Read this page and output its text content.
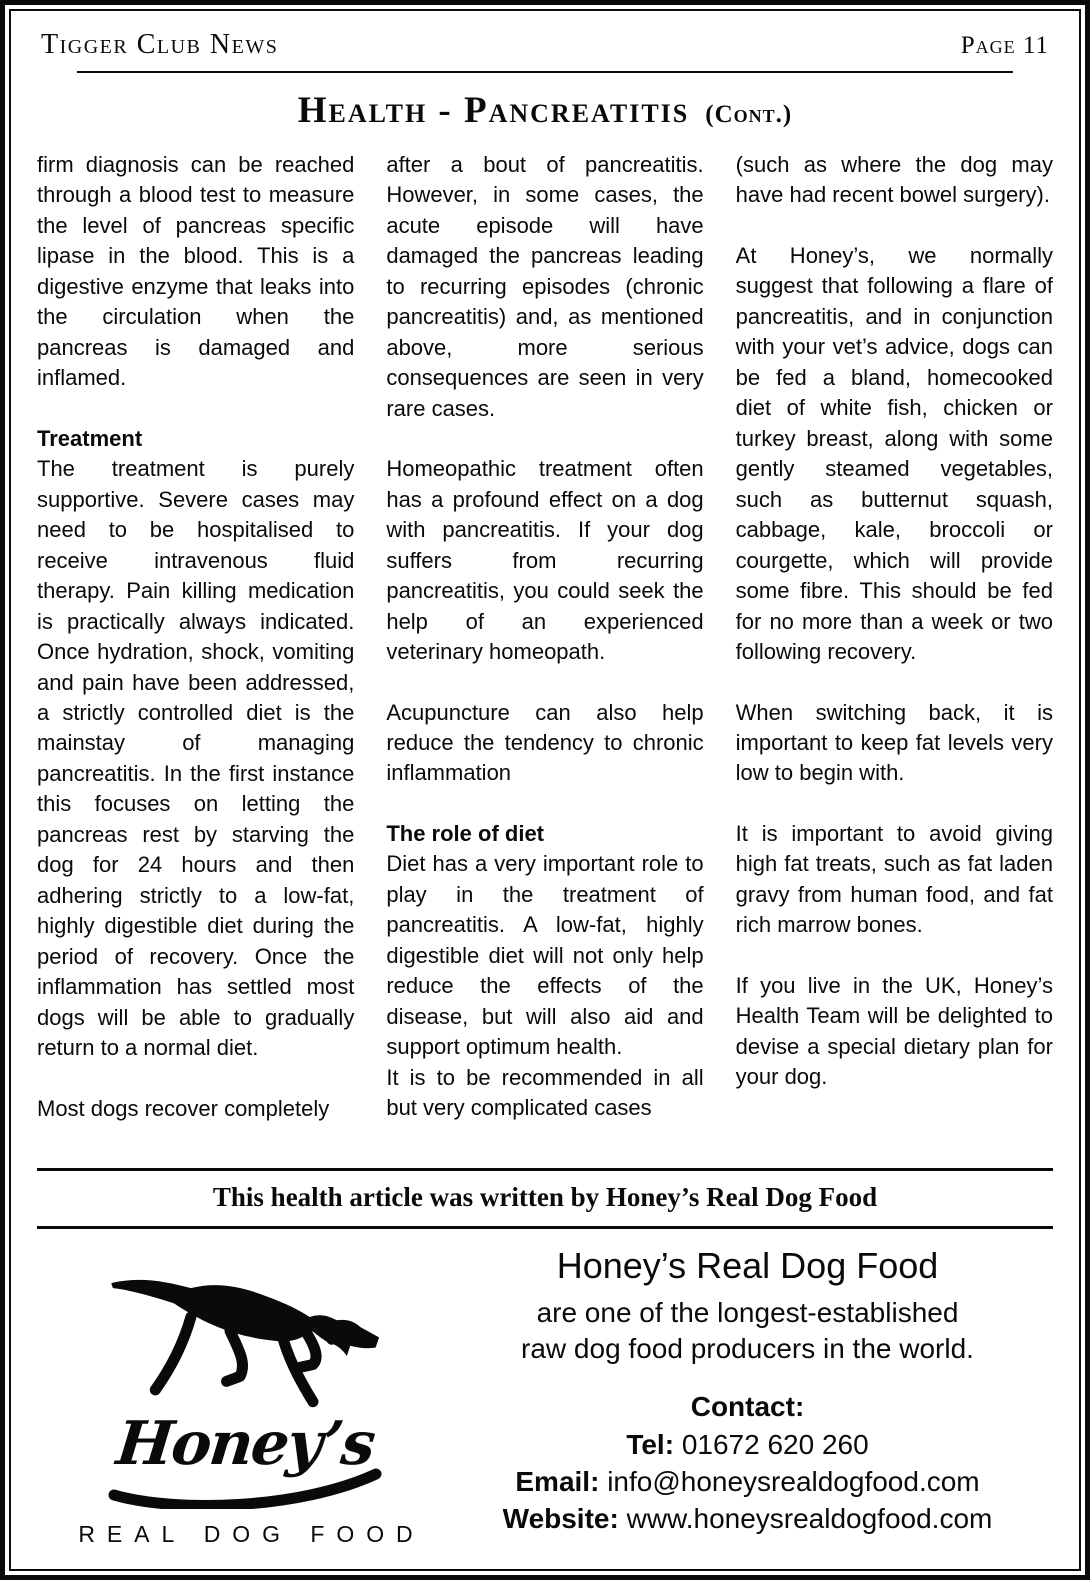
Tigger Club News	Page 11
Health - Pancreatitis (Cont.)

firm diagnosis can be reached through a blood test to measure the level of pancreas specific lipase in the blood. This is a digestive enzyme that leaks into the circulation when the pancreas is damaged and inflamed.

Treatment

The treatment is purely supportive. Severe cases may need to be hospitalised to receive intravenous fluid therapy. Pain killing medication is practically always indicated. Once hydration, shock, vomiting and pain have been addressed, a strictly controlled diet is the mainstay of managing pancreatitis. In the first instance this focuses on letting the pancreas rest by starving the dog for 24 hours and then adhering strictly to a low-fat, highly digestible diet during the period of recovery. Once the inflammation has settled most dogs will be able to gradually return to a normal diet.

Most dogs recover completely

after a bout of pancreatitis. However, in some cases, the acute episode will have damaged the pancreas leading to recurring episodes (chronic pancreatitis) and, as mentioned above, more serious consequences are seen in very rare cases.

Homeopathic treatment often has a profound effect on a dog with pancreatitis. If your dog suffers from recurring pancreatitis, you could seek the help of an experienced veterinary homeopath.

Acupuncture can also help reduce the tendency to chronic inflammation

The role of diet

Diet has a very important role to play in the treatment of pancreatitis. A low-fat, highly digestible diet will not only help reduce the effects of the disease, but will also aid and support optimum health.

It is to be recommended in all but very complicated cases

(such as where the dog may have had recent bowel surgery).

At Honey’s, we normally suggest that following a flare of pancreatitis, and in conjunction with your vet’s advice, dogs can be fed a bland, homecooked diet of white fish, chicken or turkey breast, along with some gently steamed vegetables, such as butternut squash, cabbage, kale, broccoli or courgette, which will provide some fibre. This should be fed for no more than a week or two following recovery.

When switching back, it is important to keep fat levels very low to begin with.

It is important to avoid giving high fat treats, such as fat laden gravy from human food, and fat rich marrow bones.

If you live in the UK, Honey’s Health Team will be delighted to devise a special dietary plan for your dog.

This health article was written by Honey’s Real Dog Food
Honey’s
REAL DOG FOOD

Honey’s Real Dog Food

are one of the longest-established

raw dog food producers in the world.

Contact:

Tel: 01672 620 260

Email: info@honeysrealdogfood.com

Website: www.honeysrealdogfood.com
